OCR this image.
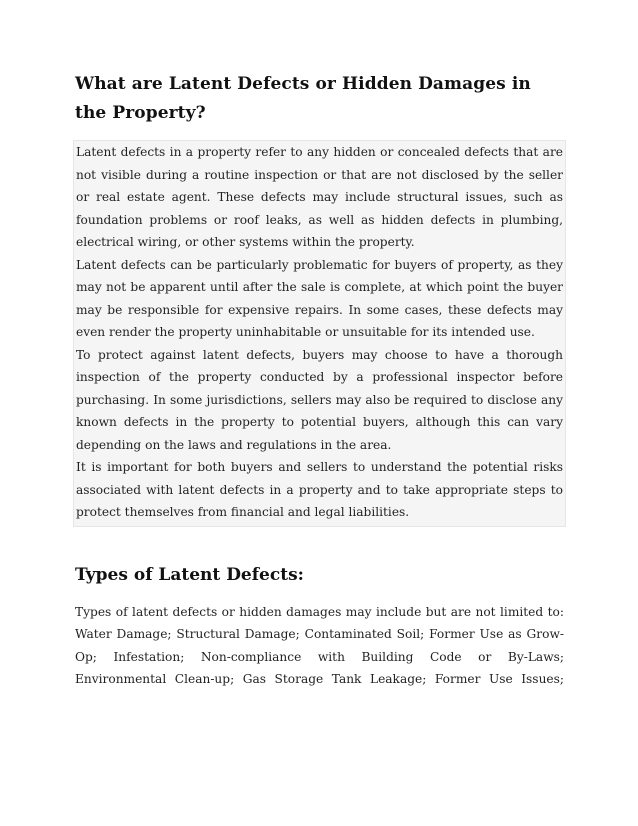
What are Latent Defects or Hidden Damages in the Property?

Latent defects in a property refer to any hidden or concealed defects that are not visible during a routine inspection or that are not disclosed by the seller or real estate agent. These defects may include structural issues, such as foundation problems or roof leaks, as well as hidden defects in plumbing, electrical wiring, or other systems within the property.

Latent defects can be particularly problematic for buyers of property, as they may not be apparent until after the sale is complete, at which point the buyer may be responsible for expensive repairs. In some cases, these defects may even render the property uninhabitable or unsuitable for its intended use.

To protect against latent defects, buyers may choose to have a thorough inspection of the property conducted by a professional inspector before purchasing. In some jurisdictions, sellers may also be required to disclose any known defects in the property to potential buyers, although this can vary depending on the laws and regulations in the area.

It is important for both buyers and sellers to understand the potential risks associated with latent defects in a property and to take appropriate steps to protect themselves from financial and legal liabilities.

Types of Latent Defects:

Types of latent defects or hidden damages may include but are not limited to: Water Damage; Structural Damage; Contaminated Soil; Former Use as Grow-Op; Infestation; Non-compliance with Building Code or By-Laws; Environmental Clean-up; Gas Storage Tank Leakage; Former Use Issues;
